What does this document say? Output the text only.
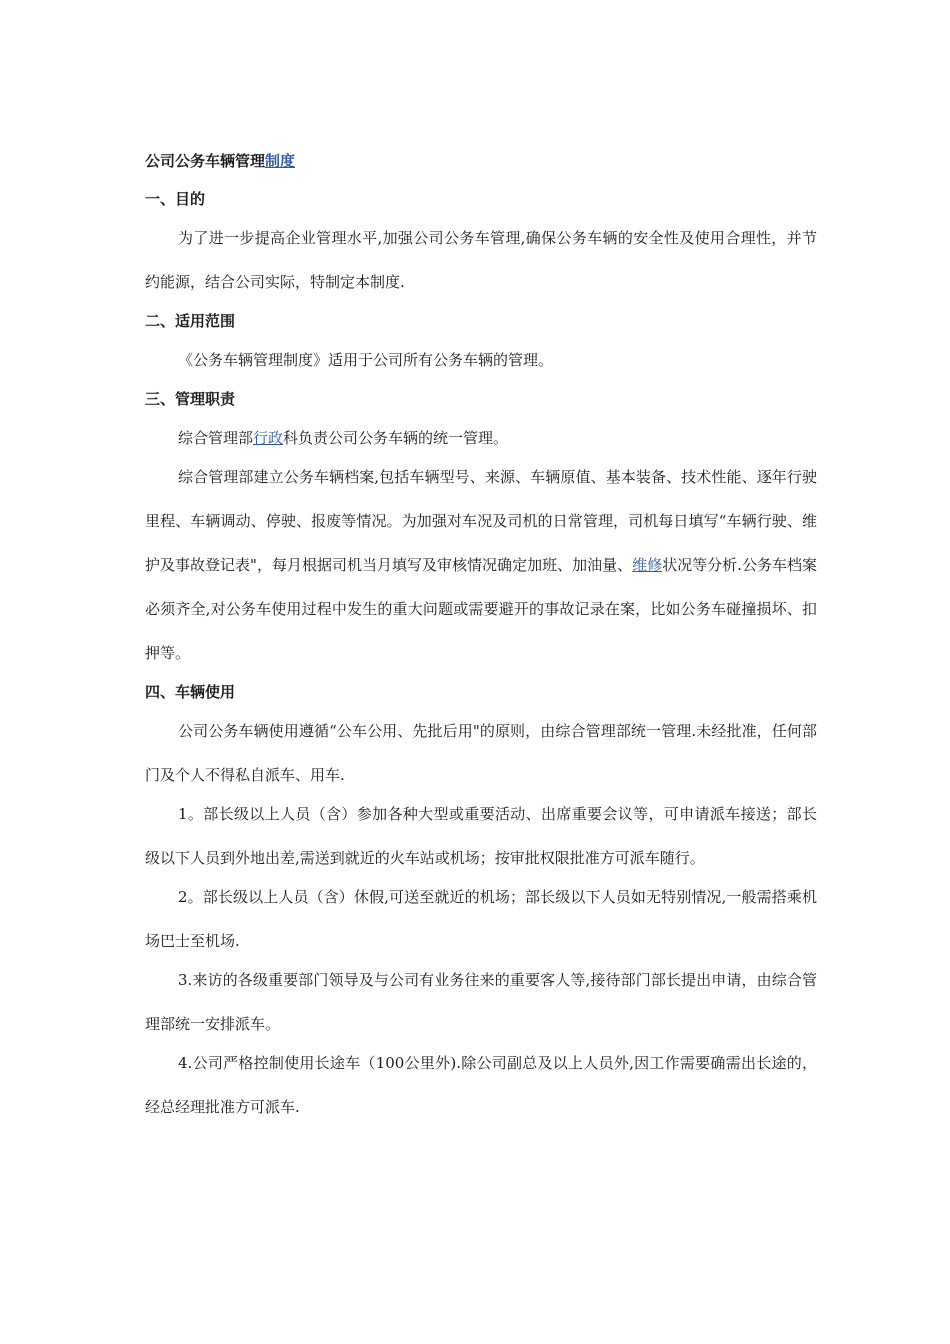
公司公务车辆管理制度
一、目的

为了进一步提高企业管理水平,加强公司公务车管理,确保公务车辆的安全性及使用合理性，并节约能源，结合公司实际，特制定本制度.

二、适用范围

《公务车辆管理制度》适用于公司所有公务车辆的管理。

三、管理职责

综合管理部行政科负责公司公务车辆的统一管理。

综合管理部建立公务车辆档案,包括车辆型号、来源、车辆原值、基本装备、技术性能、逐年行驶里程、车辆调动、停驶、报废等情况。为加强对车况及司机的日常管理，司机每日填写“车辆行驶、维护及事故登记表"，每月根据司机当月填写及审核情况确定加班、加油量、维修状况等分析.公务车档案必须齐全,对公务车使用过程中发生的重大问题或需要避开的事故记录在案，比如公务车碰撞损坏、扣押等。

四、车辆使用

公司公务车辆使用遵循“公车公用、先批后用"的原则，由综合管理部统一管理.未经批准，任何部门及个人不得私自派车、用车.

1。部长级以上人员（含）参加各种大型或重要活动、出席重要会议等，可申请派车接送；部长级以下人员到外地出差,需送到就近的火车站或机场；按审批权限批准方可派车随行。

2。部长级以上人员（含）休假,可送至就近的机场；部长级以下人员如无特别情况,一般需搭乘机场巴士至机场.

3.来访的各级重要部门领导及与公司有业务往来的重要客人等,接待部门部长提出申请，由综合管理部统一安排派车。

4.公司严格控制使用长途车（100公里外).除公司副总及以上人员外,因工作需要确需出长途的，经总经理批准方可派车.
